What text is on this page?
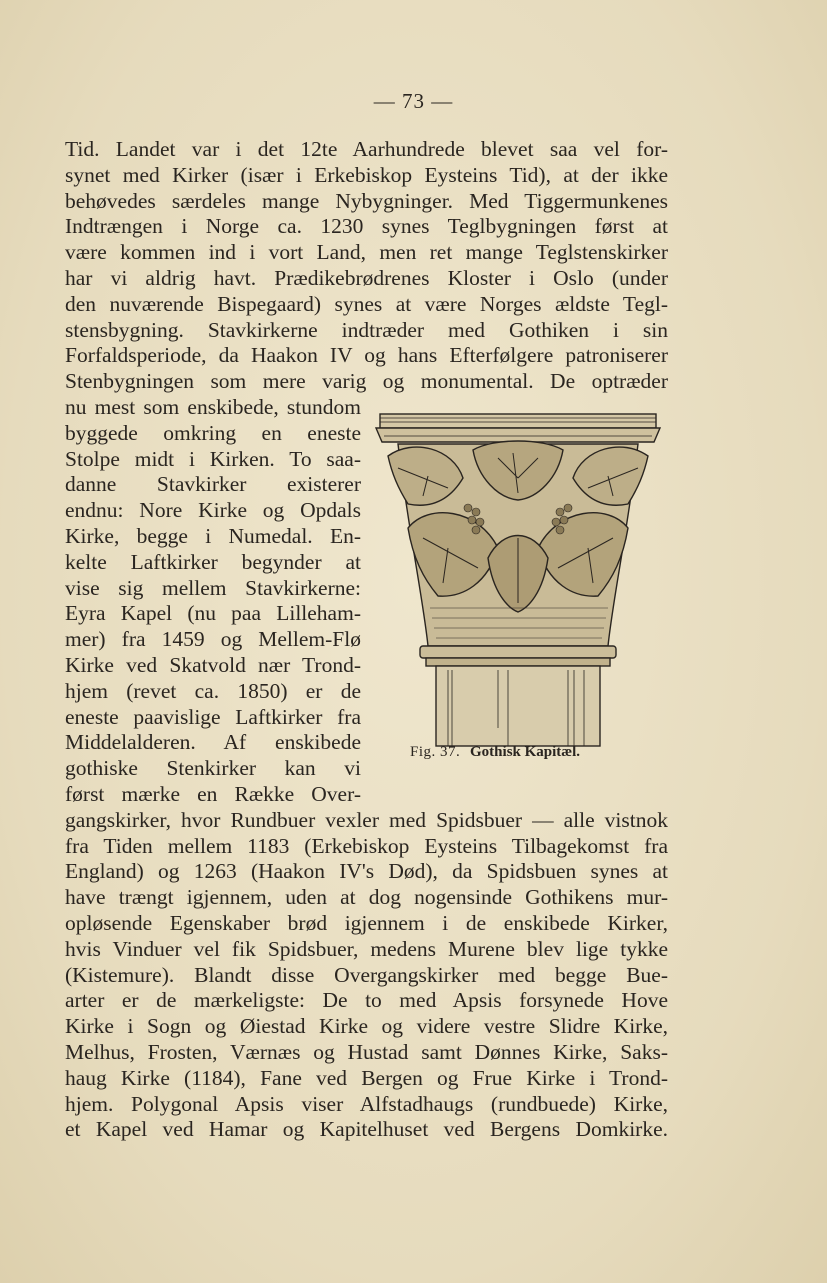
— 73 —
Tid. Landet var i det 12te Aarhundrede blevet saa vel for-
synet med Kirker (især i Erkebiskop Eysteins Tid), at der ikke
behøvedes særdeles mange Nybygninger. Med Tiggermunkenes
Indtrængen i Norge ca. 1230 synes Teglbygningen først at
være kommen ind i vort Land, men ret mange Teglstenskirker
har vi aldrig havt. Prædikebrødrenes Kloster i Oslo (under
den nuværende Bispegaard) synes at være Norges ældste Tegl-
stensbygning. Stavkirkerne indtræder med Gothiken i sin
Forfaldsperiode, da Haakon IV og hans Efterfølgere patroniserer
Stenbygningen som mere varig og monumental. De optræder
nu mest som enskibede, stundom
byggede omkring en eneste
Stolpe midt i Kirken. To saa-
danne Stavkirker existerer
endnu: Nore Kirke og Opdals
Kirke, begge i Numedal. En-
kelte Laftkirker begynder at
vise sig mellem Stavkirkerne:
Eyra Kapel (nu paa Lilleham-
mer) fra 1459 og Mellem-Flø
Kirke ved Skatvold nær Trond-
hjem (revet ca. 1850) er de
eneste paavislige Laftkirker fra
Middelalderen. Af enskibede
gothiske Stenkirker kan vi
først mærke en Række Over-
gangskirker, hvor Rundbuer vexler med Spidsbuer — alle vistnok
fra Tiden mellem 1183 (Erkebiskop Eysteins Tilbagekomst fra
England) og 1263 (Haakon IV's Død), da Spidsbuen synes at
have trængt igjennem, uden at dog nogensinde Gothikens mur-
opløsende Egenskaber brød igjennem i de enskibede Kirker,
hvis Vinduer vel fik Spidsbuer, medens Murene blev lige tykke
(Kistemure). Blandt disse Overgangskirker med begge Bue-
arter er de mærkeligste: De to med Apsis forsynede Hove
Kirke i Sogn og Øiestad Kirke og videre vestre Slidre Kirke,
Melhus, Frosten, Værnæs og Hustad samt Dønnes Kirke, Saks-
haug Kirke (1184), Fane ved Bergen og Frue Kirke i Trond-
hjem. Polygonal Apsis viser Alfstadhaugs (rundbuede) Kirke,
et Kapel ved Hamar og Kapitelhuset ved Bergens Domkirke.
Fig. 37. Gothisk Kapitæl.
